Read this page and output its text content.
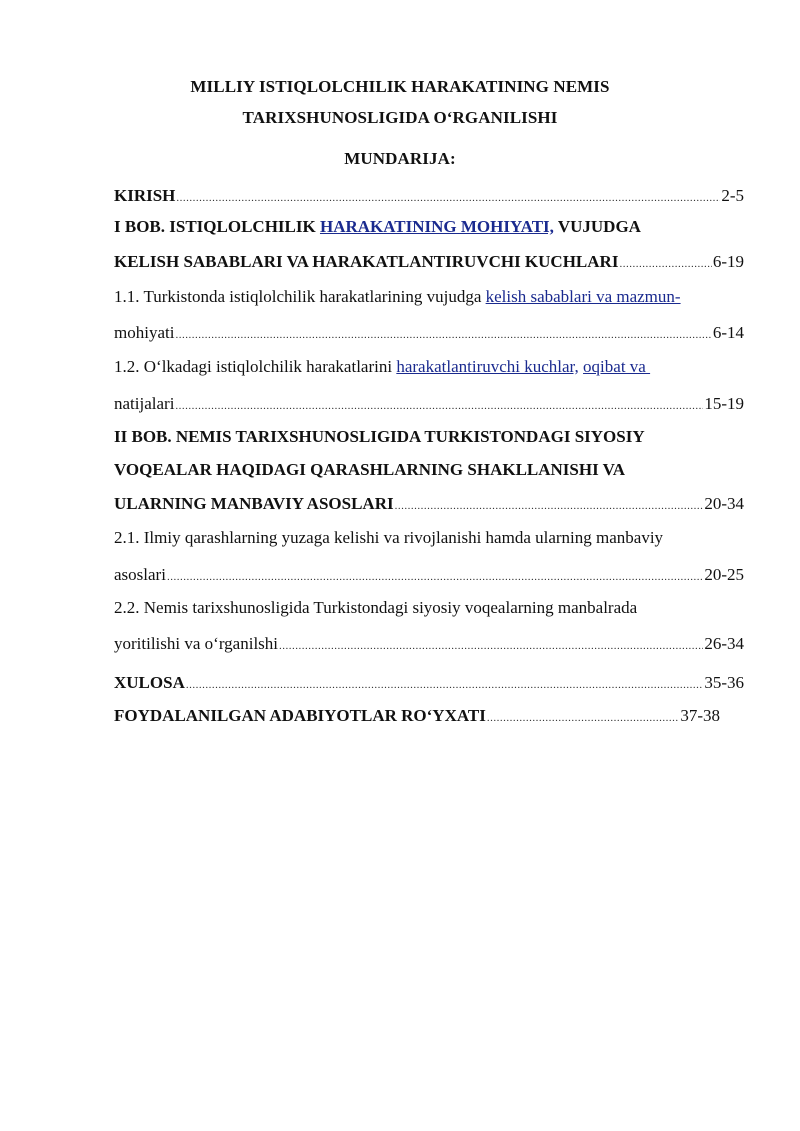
MILLIY ISTIQLOLCHILIK HARAKATINING NEMIS
TARIXSHUNOSLIGIDA O‘RGANILISHI
MUNDARIJA:
KIRISH .....	2-5
I BOB. ISTIQLOLCHILIK HARAKATINING MOHIYATI, VUJUDGA
KELISH SABABLARI VA HARAKATLANTIRUVCHI KUCHLARI .....	6-19
1.1. Turkistonda istiqlolchilik harakatlarining vujudga kelish sabablari va mazmun-
mohiyati .....	6-14
1.2. O‘lkadagi istiqlolchilik harakatlarini harakatlantiruvchi kuchlar,
oqibat va
natijalari .....	15-19
II BOB. NEMIS TARIXSHUNOSLIGIDA TURKISTONDAGI SIYOSIY
VOQEALAR HAQIDAGI QARASHLARNING SHAKLLANISHI VA
ULARNING MANBAVIY ASOSLARI .....	20-34
2.1. Ilmiy qarashlarning yuzaga kelishi va rivojlanishi hamda ularning manbaviy
asoslari .....	20-25
2.2. Nemis tarixshunosligida Turkistondagi siyosiy voqealarning manbalrada
yoritilishi va o‘rganilshi .....	26-34
XULOSA .....	35-36
FOYDALANILGAN ADABIYOTLAR RO‘YXATI .....	37-38
